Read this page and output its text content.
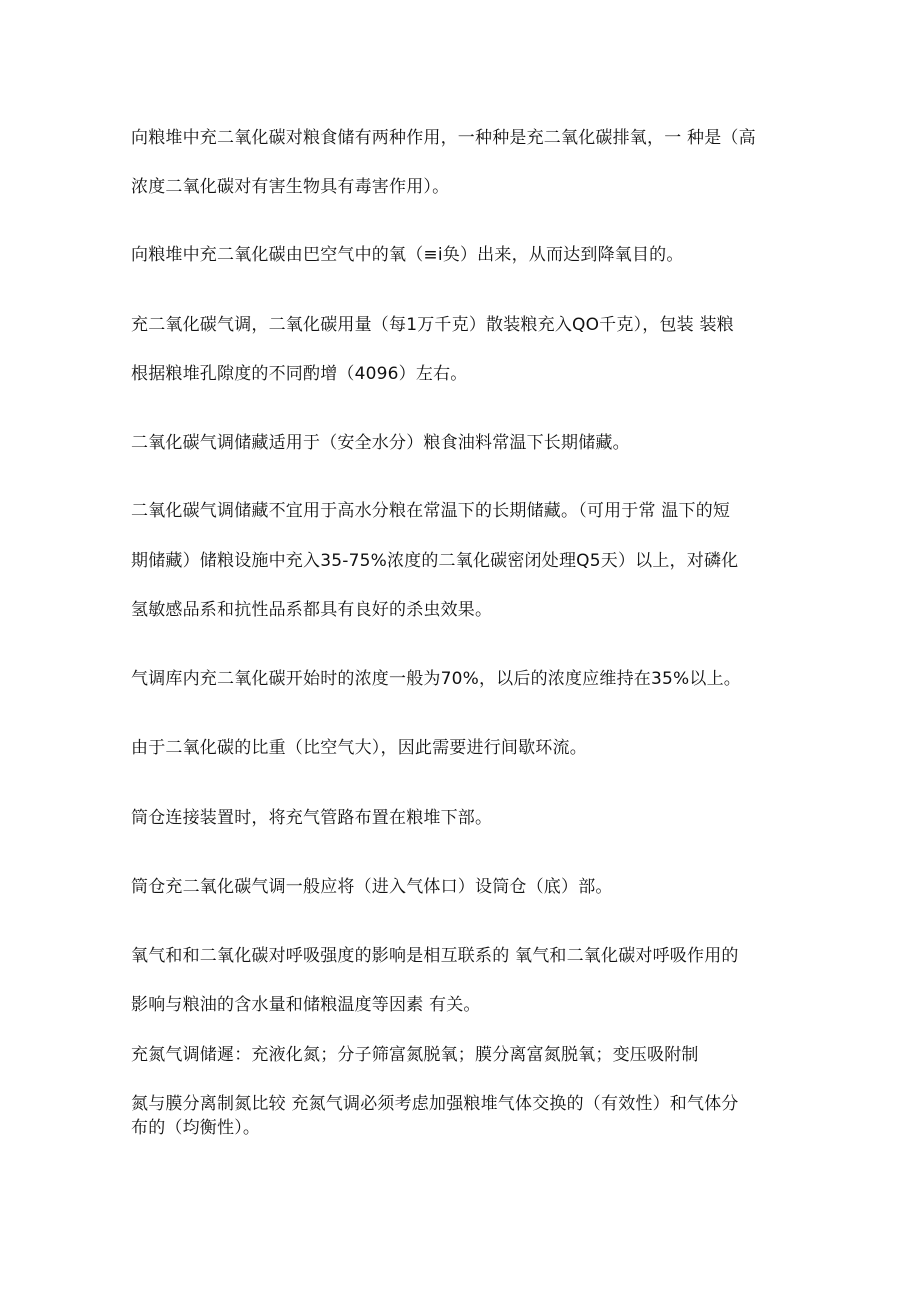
向粮堆中充二氧化碳对粮食储有两种作用，一种种是充二氧化碳排氧，一 种是（高
浓度二氧化碳对有害生物具有毒害作用）。
向粮堆中充二氧化碳由巴空气中的氧（≡i奂）出来，从而达到降氧目的。
充二氧化碳气调，二氧化碳用量（每1万千克）散装粮充入QO千克），包装 装粮
根据粮堆孔隙度的不同酌增（4096）左右。
二氧化碳气调储藏适用于（安全水分）粮食油料常温下长期储藏。
二氧化碳气调储藏不宜用于高水分粮在常温下的长期储藏。（可用于常 温下的短
期储藏）储粮设施中充入35-75%浓度的二氧化碳密闭处理Q5天）以上，对磷化
氢敏感品系和抗性品系都具有良好的杀虫效果。
气调库内充二氧化碳开始时的浓度一般为70%，以后的浓度应维持在35%以上。
由于二氧化碳的比重（比空气大），因此需要进行间歇环流。
筒仓连接装置时，将充气管路布置在粮堆下部。
筒仓充二氧化碳气调一般应将（进入气体口）设筒仓（底）部。
氧气和和二氧化碳对呼吸强度的影响是相互联系的 氧气和二氧化碳对呼吸作用的
影响与粮油的含水量和储粮温度等因素 有关。
充氮气调储遲：充液化氮；分子筛富氮脱氧；膜分离富氮脱氧；变压吸附制
氮与膜分离制氮比较 充氮气调必须考虑加强粮堆气体交换的（有效性）和气体分
布的（均衡性）。
